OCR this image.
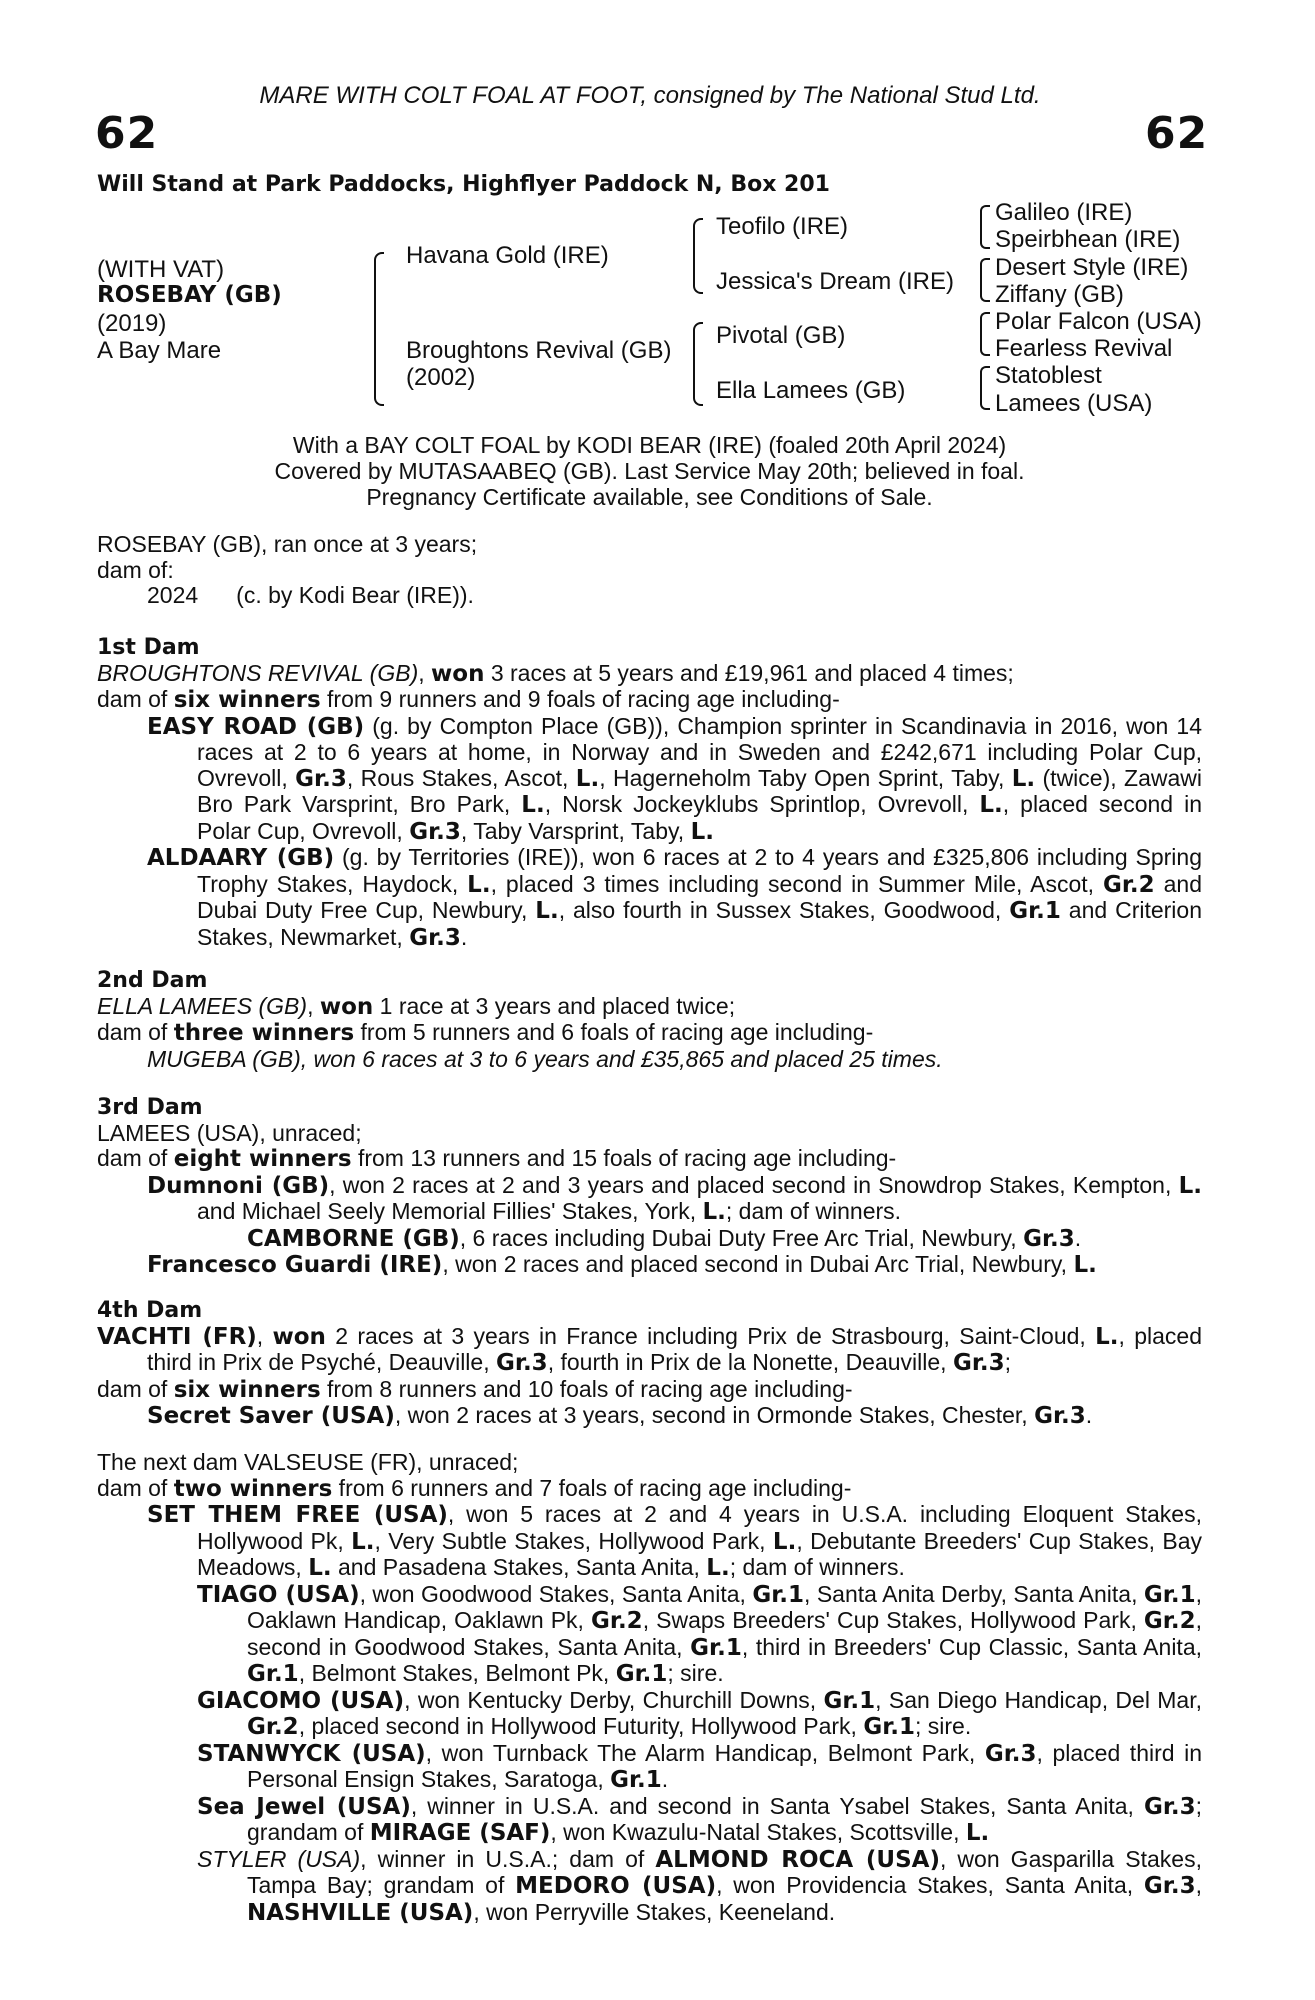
MARE WITH COLT FOAL AT FOOT, consigned by The National Stud Ltd.
62	62
Will Stand at Park Paddocks, Highflyer Paddock N, Box 201
(WITH VAT)
ROSEBAY (GB)
(2019)
A Bay Mare
Havana Gold (IRE)
Broughtons Revival (GB)
(2002)
Teofilo (IRE)
Jessica's Dream (IRE)
Pivotal (GB)
Ella Lamees (GB)
Galileo (IRE)
Speirbhean (IRE)
Desert Style (IRE)
Ziffany (GB)
Polar Falcon (USA)
Fearless Revival
Statoblest
Lamees (USA)

With a BAY COLT FOAL by KODI BEAR (IRE) (foaled 20th April 2024)

Covered by MUTASAABEQ (GB). Last Service May 20th; believed in foal.

Pregnancy Certificate available, see Conditions of Sale.

ROSEBAY (GB), ran once at 3 years;

dam of:

2024 (c. by Kodi Bear (IRE)).

1st Dam

BROUGHTONS REVIVAL (GB), won 3 races at 5 years and £19,961 and placed 4 times;

dam of six winners from 9 runners and 9 foals of racing age including-

EASY ROAD (GB) (g. by Compton Place (GB)), Champion sprinter in Scandinavia in 2016, won 14 races at 2 to 6 years at home, in Norway and in Sweden and £242,671 including Polar Cup, Ovrevoll, Gr.3, Rous Stakes, Ascot, L., Hagerneholm Taby Open Sprint, Taby, L. (twice), Zawawi Bro Park Varsprint, Bro Park, L., Norsk Jockeyklubs Sprintlop, Ovrevoll, L., placed second in Polar Cup, Ovrevoll, Gr.3, Taby Varsprint, Taby, L.

ALDAARY (GB) (g. by Territories (IRE)), won 6 races at 2 to 4 years and £325,806 including Spring Trophy Stakes, Haydock, L., placed 3 times including second in Summer Mile, Ascot, Gr.2 and Dubai Duty Free Cup, Newbury, L., also fourth in Sussex Stakes, Goodwood, Gr.1 and Criterion Stakes, Newmarket, Gr.3.

2nd Dam

ELLA LAMEES (GB), won 1 race at 3 years and placed twice;

dam of three winners from 5 runners and 6 foals of racing age including-

MUGEBA (GB), won 6 races at 3 to 6 years and £35,865 and placed 25 times.

3rd Dam

LAMEES (USA), unraced;

dam of eight winners from 13 runners and 15 foals of racing age including-

Dumnoni (GB), won 2 races at 2 and 3 years and placed second in Snowdrop Stakes, Kempton, L. and Michael Seely Memorial Fillies' Stakes, York, L.; dam of winners.

CAMBORNE (GB), 6 races including Dubai Duty Free Arc Trial, Newbury, Gr.3.

Francesco Guardi (IRE), won 2 races and placed second in Dubai Arc Trial, Newbury, L.

4th Dam

VACHTI (FR), won 2 races at 3 years in France including Prix de Strasbourg, Saint-Cloud, L., placed third in Prix de Psyché, Deauville, Gr.3, fourth in Prix de la Nonette, Deauville, Gr.3;

dam of six winners from 8 runners and 10 foals of racing age including-

Secret Saver (USA), won 2 races at 3 years, second in Ormonde Stakes, Chester, Gr.3.

The next dam VALSEUSE (FR), unraced;

dam of two winners from 6 runners and 7 foals of racing age including-

SET THEM FREE (USA), won 5 races at 2 and 4 years in U.S.A. including Eloquent Stakes, Hollywood Pk, L., Very Subtle Stakes, Hollywood Park, L., Debutante Breeders' Cup Stakes, Bay Meadows, L. and Pasadena Stakes, Santa Anita, L.; dam of winners.

TIAGO (USA), won Goodwood Stakes, Santa Anita, Gr.1, Santa Anita Derby, Santa Anita, Gr.1, Oaklawn Handicap, Oaklawn Pk, Gr.2, Swaps Breeders' Cup Stakes, Hollywood Park, Gr.2, second in Goodwood Stakes, Santa Anita, Gr.1, third in Breeders' Cup Classic, Santa Anita, Gr.1, Belmont Stakes, Belmont Pk, Gr.1; sire.

GIACOMO (USA), won Kentucky Derby, Churchill Downs, Gr.1, San Diego Handicap, Del Mar, Gr.2, placed second in Hollywood Futurity, Hollywood Park, Gr.1; sire.

STANWYCK (USA), won Turnback The Alarm Handicap, Belmont Park, Gr.3, placed third in Personal Ensign Stakes, Saratoga, Gr.1.

Sea Jewel (USA), winner in U.S.A. and second in Santa Ysabel Stakes, Santa Anita, Gr.3; grandam of MIRAGE (SAF), won Kwazulu-Natal Stakes, Scottsville, L.

STYLER (USA), winner in U.S.A.; dam of ALMOND ROCA (USA), won Gasparilla Stakes, Tampa Bay; grandam of MEDORO (USA), won Providencia Stakes, Santa Anita, Gr.3, NASHVILLE (USA), won Perryville Stakes, Keeneland.
